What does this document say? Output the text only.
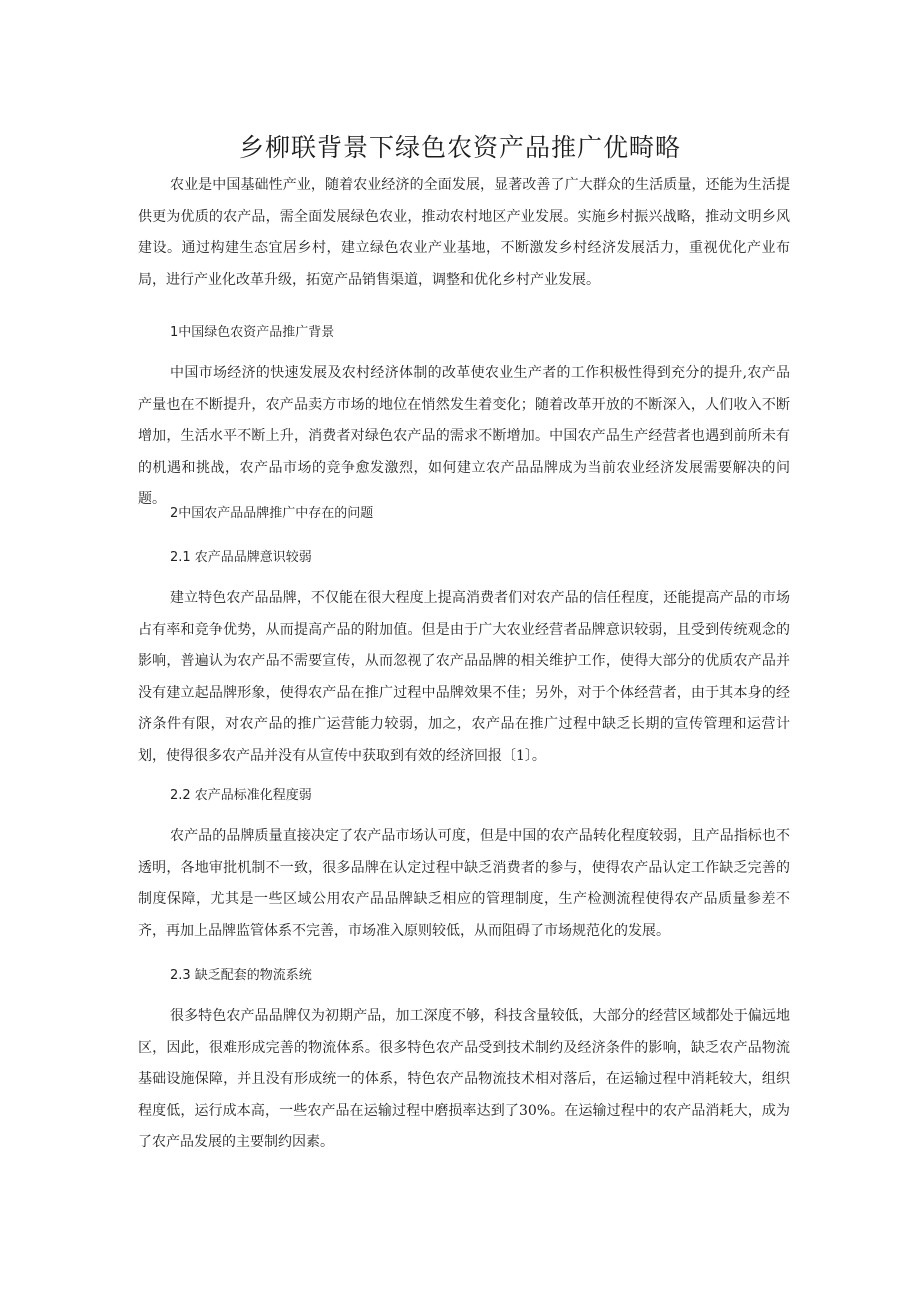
乡柳联背景下绿色农资产品推广优畸略

农业是中国基础性产业，随着农业经济的全面发展，显著改善了广大群众的生活质量，还能为生活提供更为优质的农产品，需全面发展绿色农业，推动农村地区产业发展。实施乡村振兴战略，推动文明乡风建设。通过构建生态宜居乡村，建立绿色农业产业基地，不断激发乡村经济发展活力，重视优化产业布局，进行产业化改革升级，拓宽产品销售渠道，调整和优化乡村产业发展。

1中国绿色农资产品推广背景

中国市场经济的快速发展及农村经济体制的改革使农业生产者的工作积极性得到充分的提升,农产品产量也在不断提升，农产品卖方市场的地位在悄然发生着变化；随着改革开放的不断深入，人们收入不断增加，生活水平不断上升，消费者对绿色农产品的需求不断增加。中国农产品生产经营者也遇到前所未有的机遇和挑战，农产品市场的竞争愈发激烈，如何建立农产品品牌成为当前农业经济发展需要解决的问题。

2中国农产品品牌推广中存在的问题
2.1 农产品品牌意识较弱

建立特色农产品品牌，不仅能在很大程度上提高消费者们对农产品的信任程度，还能提高产品的市场占有率和竞争优势，从而提高产品的附加值。但是由于广大农业经营者品牌意识较弱，且受到传统观念的影响，普遍认为农产品不需要宣传，从而忽视了农产品品牌的相关维护工作，使得大部分的优质农产品并没有建立起品牌形象，使得农产品在推广过程中品牌效果不佳；另外，对于个体经营者，由于其本身的经济条件有限，对农产品的推广运营能力较弱，加之，农产品在推广过程中缺乏长期的宣传管理和运营计划，使得很多农产品并没有从宣传中获取到有效的经济回报〔1〕。

2.2 农产品标准化程度弱

农产品的品牌质量直接决定了农产品市场认可度，但是中国的农产品转化程度较弱，且产品指标也不透明，各地审批机制不一致，很多品牌在认定过程中缺乏消费者的参与，使得农产品认定工作缺乏完善的制度保障，尤其是一些区域公用农产品品牌缺乏相应的管理制度，生产检测流程使得农产品质量参差不齐，再加上品牌监管体系不完善，市场准入原则较低，从而阻碍了市场规范化的发展。

2.3 缺乏配套的物流系统

很多特色农产品品牌仅为初期产品，加工深度不够，科技含量较低，大部分的经营区域都处于偏远地区，因此，很难形成完善的物流体系。很多特色农产品受到技术制约及经济条件的影响，缺乏农产品物流基础设施保障，并且没有形成统一的体系，特色农产品物流技术相对落后，在运输过程中消耗较大，组织程度低，运行成本高，一些农产品在运输过程中磨损率达到了30%。在运输过程中的农产品消耗大，成为了农产品发展的主要制约因素。
